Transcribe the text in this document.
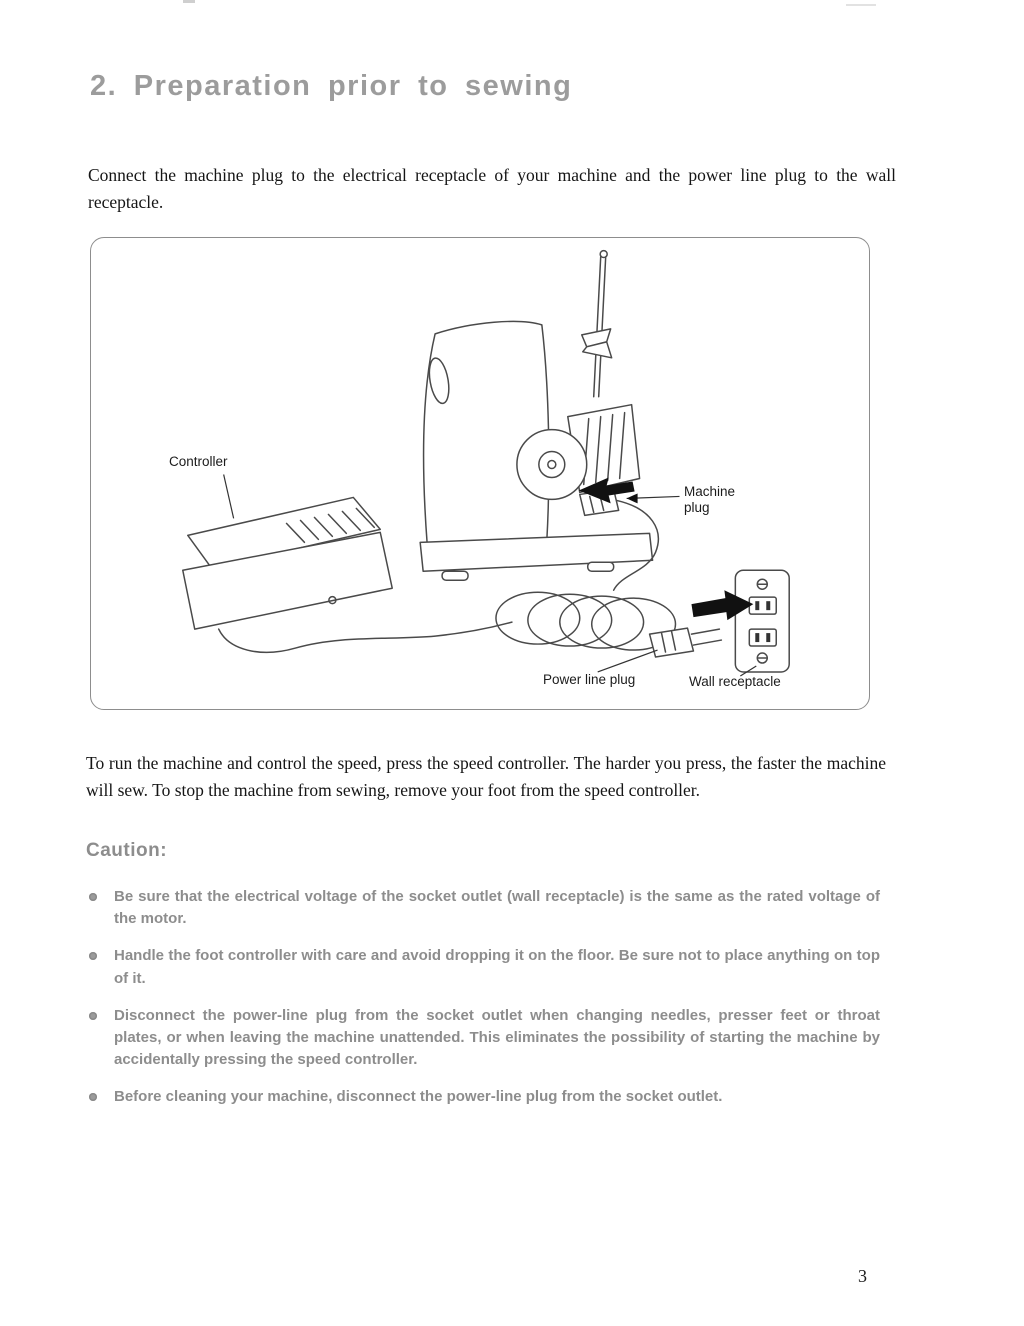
2. Preparation prior to sewing

Connect the machine plug to the electrical receptacle of your machine and the power line plug to the wall receptacle.

Controller
Machine plug
Power line plug	Wall receptacle

To run the machine and control the speed, press the speed controller. The harder you press, the faster the machine will sew. To stop the machine from sewing, remove your foot from the speed controller.

Caution:
Be sure that the electrical voltage of the socket outlet (wall receptacle) is the same as the rated voltage of the motor.
Handle the foot controller with care and avoid dropping it on the floor. Be sure not to place anything on top of it.
Disconnect the power-line plug from the socket outlet when changing needles, presser feet or throat plates, or when leaving the machine unattended. This eliminates the possibility of starting the machine by accidentally pressing the speed controller.
Before cleaning your machine, disconnect the power-line plug from the socket outlet.
3
